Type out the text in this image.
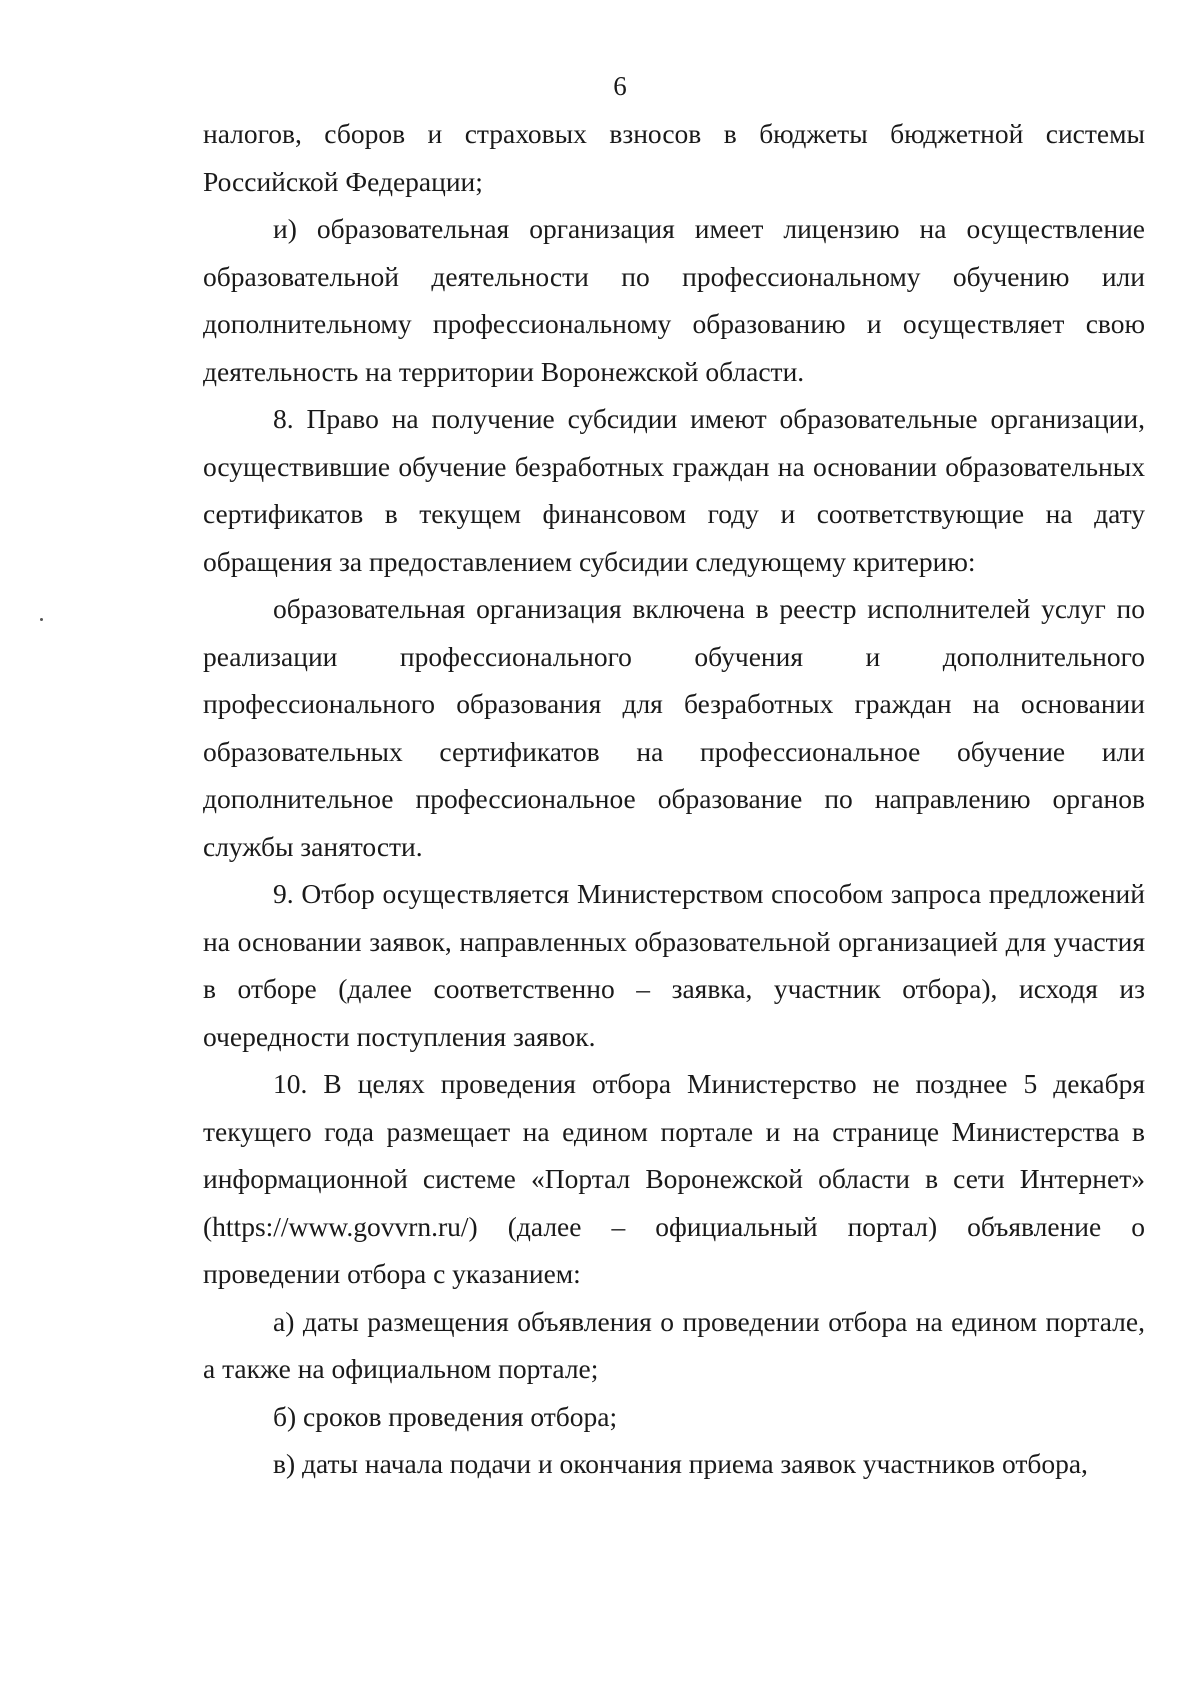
6

налогов, сборов и страховых взносов в бюджеты бюджетной системы Российской Федерации;

и) образовательная организация имеет лицензию на осуществление образовательной деятельности по профессиональному обучению или дополнительному профессиональному образованию и осуществляет свою деятельность на территории Воронежской области.

8. Право на получение субсидии имеют образовательные организации, осуществившие обучение безработных граждан на основании образовательных сертификатов в текущем финансовом году и соответствующие на дату обращения за предоставлением субсидии следующему критерию:

образовательная организация включена в реестр исполнителей услуг по реализации профессионального обучения и дополнительного профессионального образования для безработных граждан на основании образовательных сертификатов на профессиональное обучение или дополнительное профессиональное образование по направлению органов службы занятости.

9. Отбор осуществляется Министерством способом запроса предложений на основании заявок, направленных образовательной организацией для участия в отборе (далее соответственно – заявка, участник отбора), исходя из очередности поступления заявок.

10. В целях проведения отбора Министерство не позднее 5 декабря текущего года размещает на едином портале и на странице Министерства в информационной системе «Портал Воронежской области в сети Интернет» (https://www.govvrn.ru/) (далее – официальный портал) объявление о проведении отбора с указанием:

а) даты размещения объявления о проведении отбора на едином портале, а также на официальном портале;

б) сроков проведения отбора;

в) даты начала подачи и окончания приема заявок участников отбора,
